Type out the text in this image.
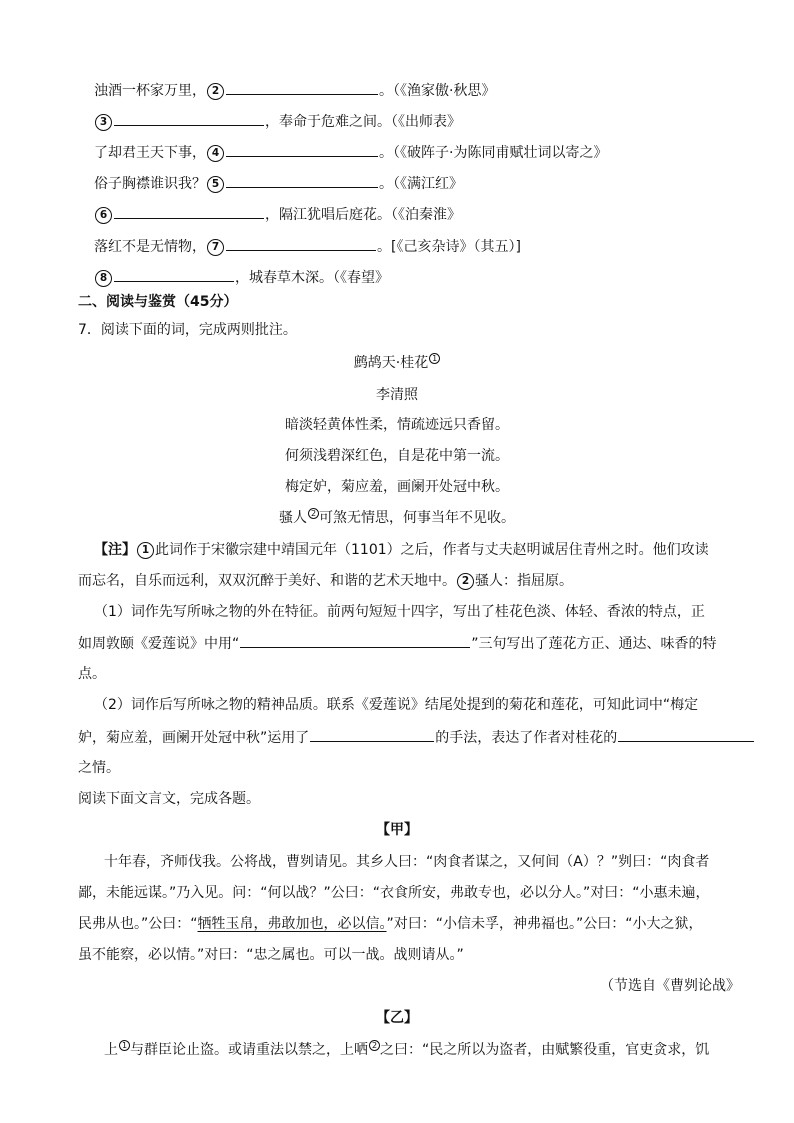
浊酒一杯家万里， 2	。（《渔家傲·秋思》
3	，奉命于危难之间。（《出师表》
了却君王天下事， 4	。（《破阵子·为陈同甫赋壮词以寄之》
俗子胸襟谁识我？ 5	。（《满江红》
6	，隔江犹唱后庭花。（《泊秦淮》
落红不是无情物， 7	。[《己亥杂诗》（其五）]
8	，城春草木深。（《春望》
二、阅读与鉴赏（45分）
7．阅读下面的词，完成两则批注。
鹧鸪天·桂花 1
李清照
暗淡轻黄体性柔，情疏迹远只香留。
何须浅碧深红色，自是花中第一流。
梅定妒，菊应羞，画阑开处冠中秋。
骚人 2 可煞无情思，何事当年不见收。
【注】 1 此词作于宋徽宗建中靖国元年（1101）之后，作者与丈夫赵明诚居住青州之时。他们攻读
而忘名，自乐而远利，双双沉醉于美好、和谐的艺术天地中。 2 骚人：指屈原。
（1）词作先写所咏之物的外在特征。前两句短短十四字，写出了桂花色淡、体轻、香浓的特点，正
如周敦颐《爱莲说》中用“	”三句写出了莲花方正、通达、味香的特
点。
（2）词作后写所咏之物的精神品质。联系《爱莲说》结尾处提到的菊花和莲花，可知此词中“梅定
妒，菊应羞，画阑开处冠中秋”运用了	的手法，表达了作者对桂花的
之情。
阅读下面文言文，完成各题。
【甲】
十年春，齐师伐我。公将战，曹刿请见。其乡人曰：“肉食者谋之，又何间（A）？”刿曰：“肉食者
鄙，未能远谋。”乃入见。问：“何以战？”公曰：“衣食所安，弗敢专也，必以分人。”对曰：“小惠未遍，
民弗从也。”公曰：“牺牲玉帛，弗敢加也，必以信。”对曰：“小信未孚，神弗福也。”公曰：“小大之狱，
虽不能察，必以情。”对曰：“忠之属也。可以一战。战则请从。”
（节选自《曹刿论战》
【乙】
上 1 与群臣论止盗。或请重法以禁之，上哂 2 之曰：“民之所以为盗者，由赋繁役重，官吏贪求，饥
